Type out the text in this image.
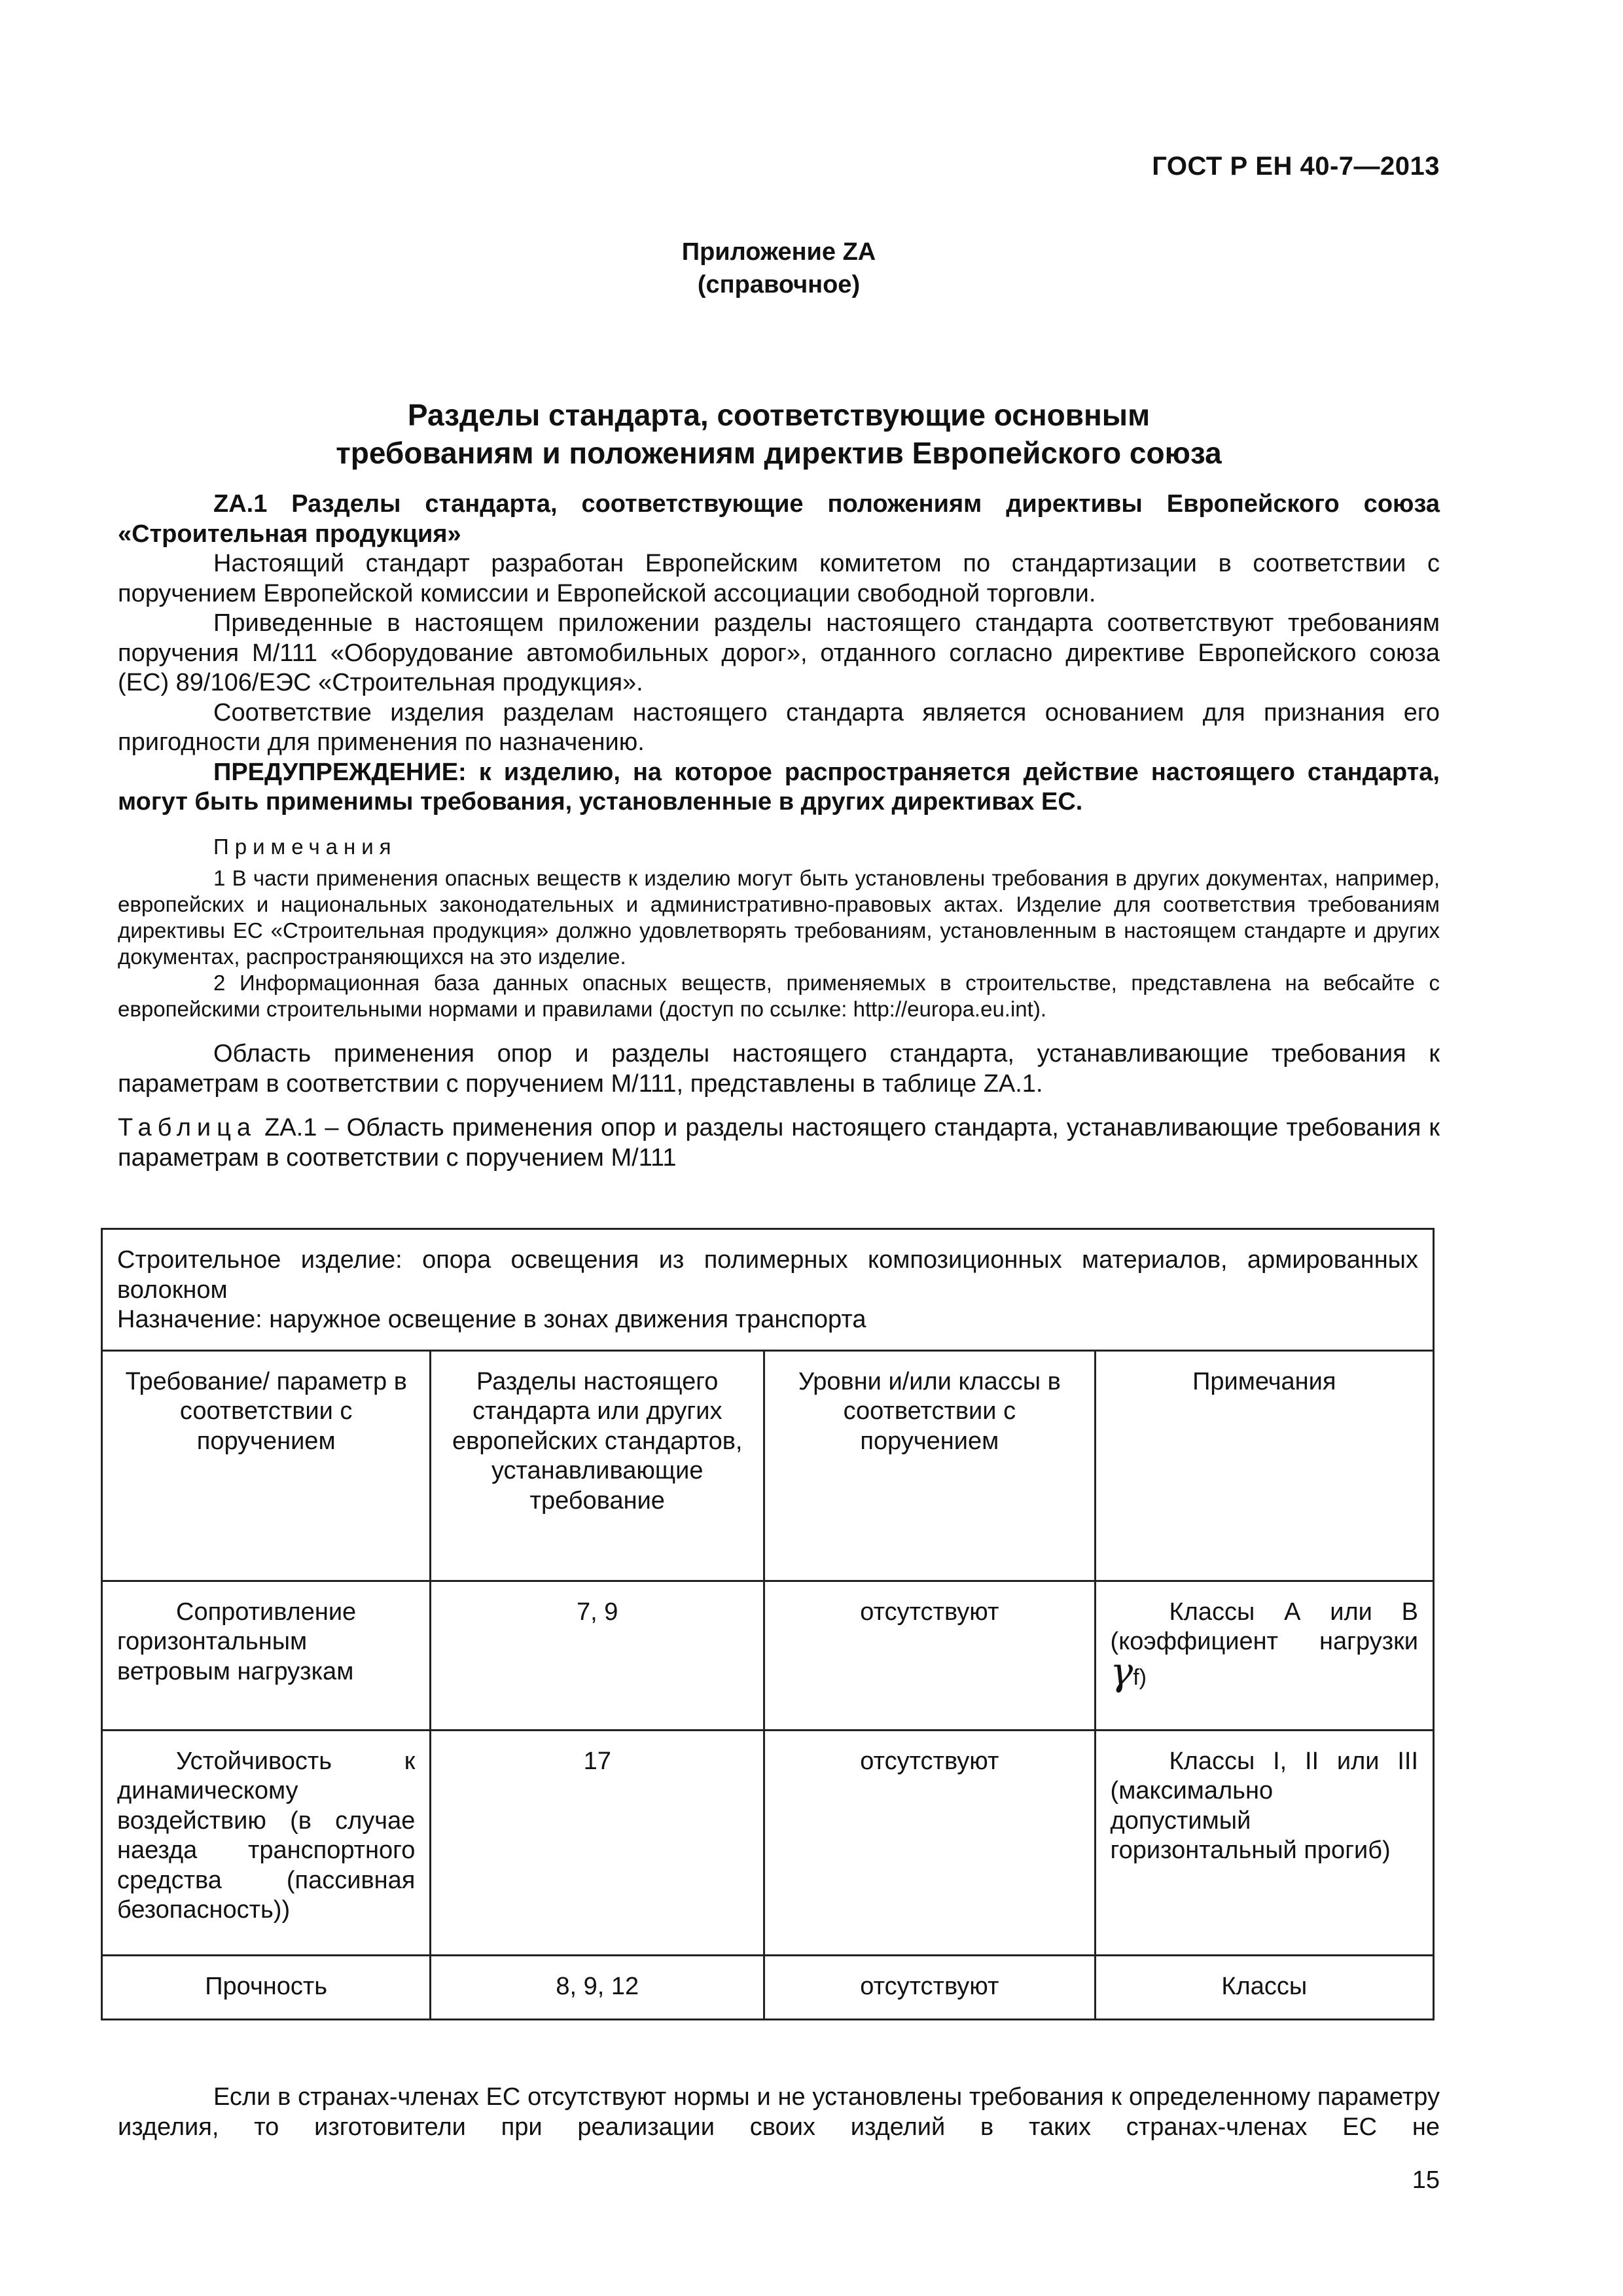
ГОСТ Р ЕН 40-7—2013
Приложение ZA
(справочное)
Разделы стандарта, соответствующие основным
требованиям и положениям директив Европейского союза

ZA.1 Разделы стандарта, соответствующие положениям директивы Европейского союза «Строительная продукция»

Настоящий стандарт разработан Европейским комитетом по стандартизации в соответствии с поручением Европейской комиссии и Европейской ассоциации свободной торговли.

Приведенные в настоящем приложении разделы настоящего стандарта соответствуют требованиям поручения М/111 «Оборудование автомобильных дорог», отданного согласно директиве Европейского союза (ЕС) 89/106/ЕЭС «Строительная продукция».

Соответствие изделия разделам настоящего стандарта является основанием для признания его пригодности для применения по назначению.

ПРЕДУПРЕЖДЕНИЕ: к изделию, на которое распространяется действие настоящего стандарта, могут быть применимы требования, установленные в других директивах ЕС.

Примечания

1 В части применения опасных веществ к изделию могут быть установлены требования в других документах, например, европейских и национальных законодательных и административно-правовых актах. Изделие для соответствия требованиям директивы ЕС «Строительная продукция» должно удовлетворять требованиям, установленным в настоящем стандарте и других документах, распространяющихся на это изделие.

2 Информационная база данных опасных веществ, применяемых в строительстве, представлена на вебсайте с европейскими строительными нормами и правилами (доступ по ссылке: http://europa.eu.int).

Область применения опор и разделы настоящего стандарта, устанавливающие требования к параметрам в соответствии с поручением М/111, представлены в таблице ZA.1.

Таблица ZA.1 – Область применения опор и разделы настоящего стандарта, устанавливающие требования к параметрам в соответствии с поручением М/111

Строительное изделие: опора освещения из полимерных композиционных материалов, армированных волокном
Назначение: наружное освещение в зонах движения транспорта			

Требование/ параметр в соответствии с поручением	Разделы настоящего стандарта или других европейских стандартов, устанавливающие требование	Уровни и/или классы в соответствии с поручением	Примечания
Сопротивление горизонтальным ветровым нагрузкам	7, 9	отсутствуют	Классы А или В (коэффициент нагрузки γf)
Устойчивость к динамическому воздействию (в случае наезда транспортного средства (пассивная безопасность))	17	отсутствуют	Классы I, II или III (максимально допустимый горизонтальный прогиб)
Прочность	8, 9, 12	отсутствуют	Классы

Если в странах-членах ЕС отсутствуют нормы и не установлены требования к определенному параметру изделия, то изготовители при реализации своих изделий в таких странах-членах ЕС не

15
